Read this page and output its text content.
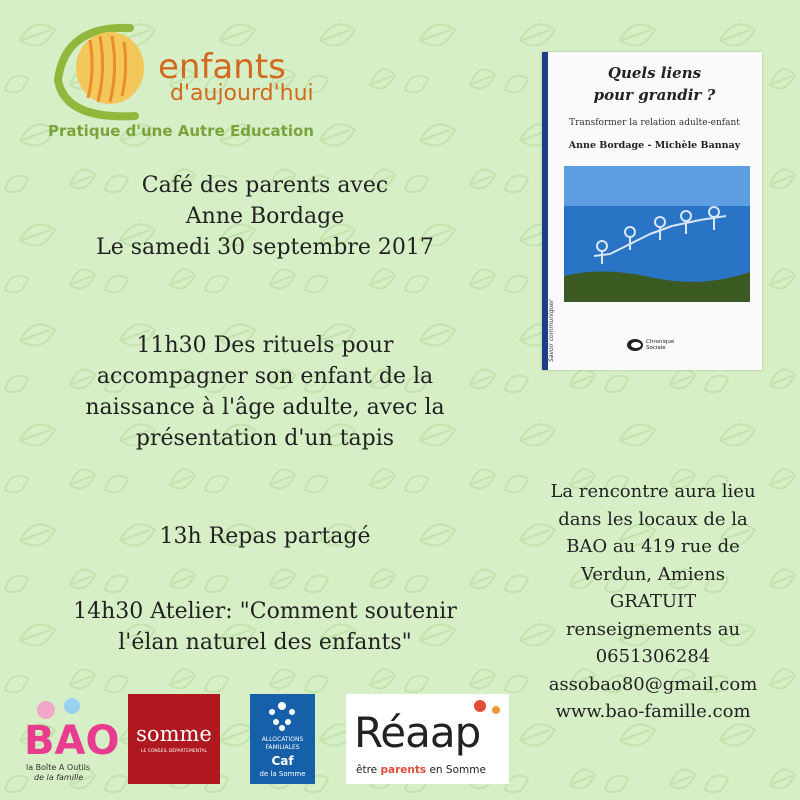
enfants
d'aujourd'hui
Pratique d'une Autre Education
Café des parents avec
Anne Bordage
Le samedi 30 septembre 2017
11h30 Des rituels pour
accompagner son enfant de la
naissance à l'âge adulte, avec la
présentation d'un tapis
13h Repas partagé
14h30 Atelier: "Comment soutenir
l'élan naturel des enfants"
Quels liens
pour grandir ?
Transformer la relation adulte-enfant
Anne Bordage - Michèle Bannay
Savoir communiquer	Chronique
Sociale
La rencontre aura lieu
dans les locaux de la
BAO au 419 rue de
Verdun, Amiens
GRATUIT
renseignements au
0651306284
assobao80@gmail.com
www.bao-famille.com
BAO
la Boîte A Outils
de la famille
somme
LE CONSEIL DÉPARTEMENTAL
ALLOCATIONS
FAMILIALES
Caf
de la Somme
Réaap
être parents en Somme
